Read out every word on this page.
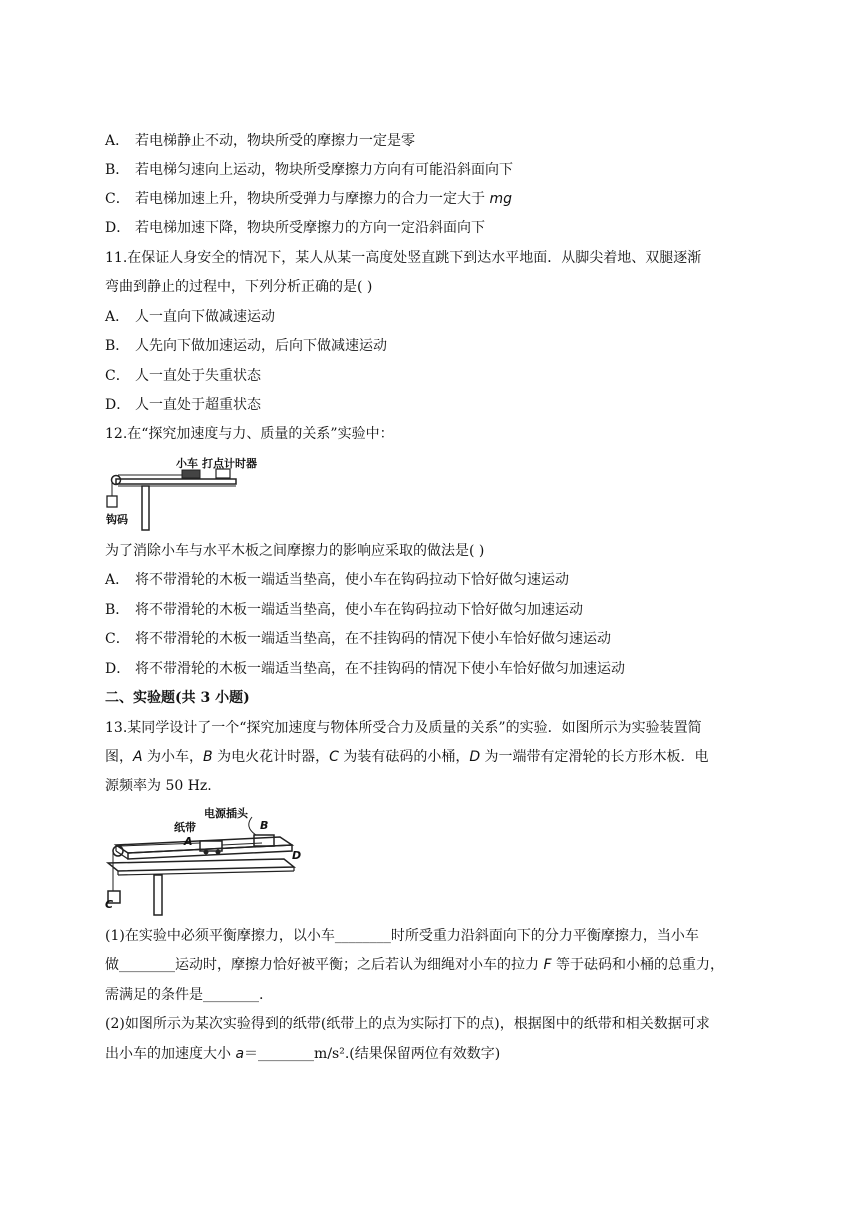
A． 若电梯静止不动，物块所受的摩擦力一定是零
B． 若电梯匀速向上运动，物块所受摩擦力方向有可能沿斜面向下
C． 若电梯加速上升，物块所受弹力与摩擦力的合力一定大于 mg
D． 若电梯加速下降，物块所受摩擦力的方向一定沿斜面向下
11.在保证人身安全的情况下，某人从某一高度处竖直跳下到达水平地面．从脚尖着地、双腿逐渐
弯曲到静止的过程中，下列分析正确的是( )
A． 人一直向下做减速运动
B． 人先向下做加速运动，后向下做减速运动
C． 人一直处于失重状态
D． 人一直处于超重状态
12.在“探究加速度与力、质量的关系”实验中：
小车 打点计时器
钩码
为了消除小车与水平木板之间摩擦力的影响应采取的做法是( )
A． 将不带滑轮的木板一端适当垫高，使小车在钩码拉动下恰好做匀速运动
B． 将不带滑轮的木板一端适当垫高，使小车在钩码拉动下恰好做匀加速运动
C． 将不带滑轮的木板一端适当垫高，在不挂钩码的情况下使小车恰好做匀速运动
D． 将不带滑轮的木板一端适当垫高，在不挂钩码的情况下使小车恰好做匀加速运动
二、实验题(共 3 小题)
13.某同学设计了一个“探究加速度与物体所受合力及质量的关系”的实验．如图所示为实验装置简
图，A 为小车，B 为电火花计时器，C 为装有砝码的小桶，D 为一端带有定滑轮的长方形木板．电
源频率为 50 Hz.
纸带
电源插头
A
B
C
D
(1)在实验中必须平衡摩擦力，以小车________时所受重力沿斜面向下的分力平衡摩擦力，当小车
做________运动时，摩擦力恰好被平衡；之后若认为细绳对小车的拉力 F 等于砝码和小桶的总重力，
需满足的条件是________.
(2)如图所示为某次实验得到的纸带(纸带上的点为实际打下的点)，根据图中的纸带和相关数据可求
出小车的加速度大小 a＝________m/s².(结果保留两位有效数字)
